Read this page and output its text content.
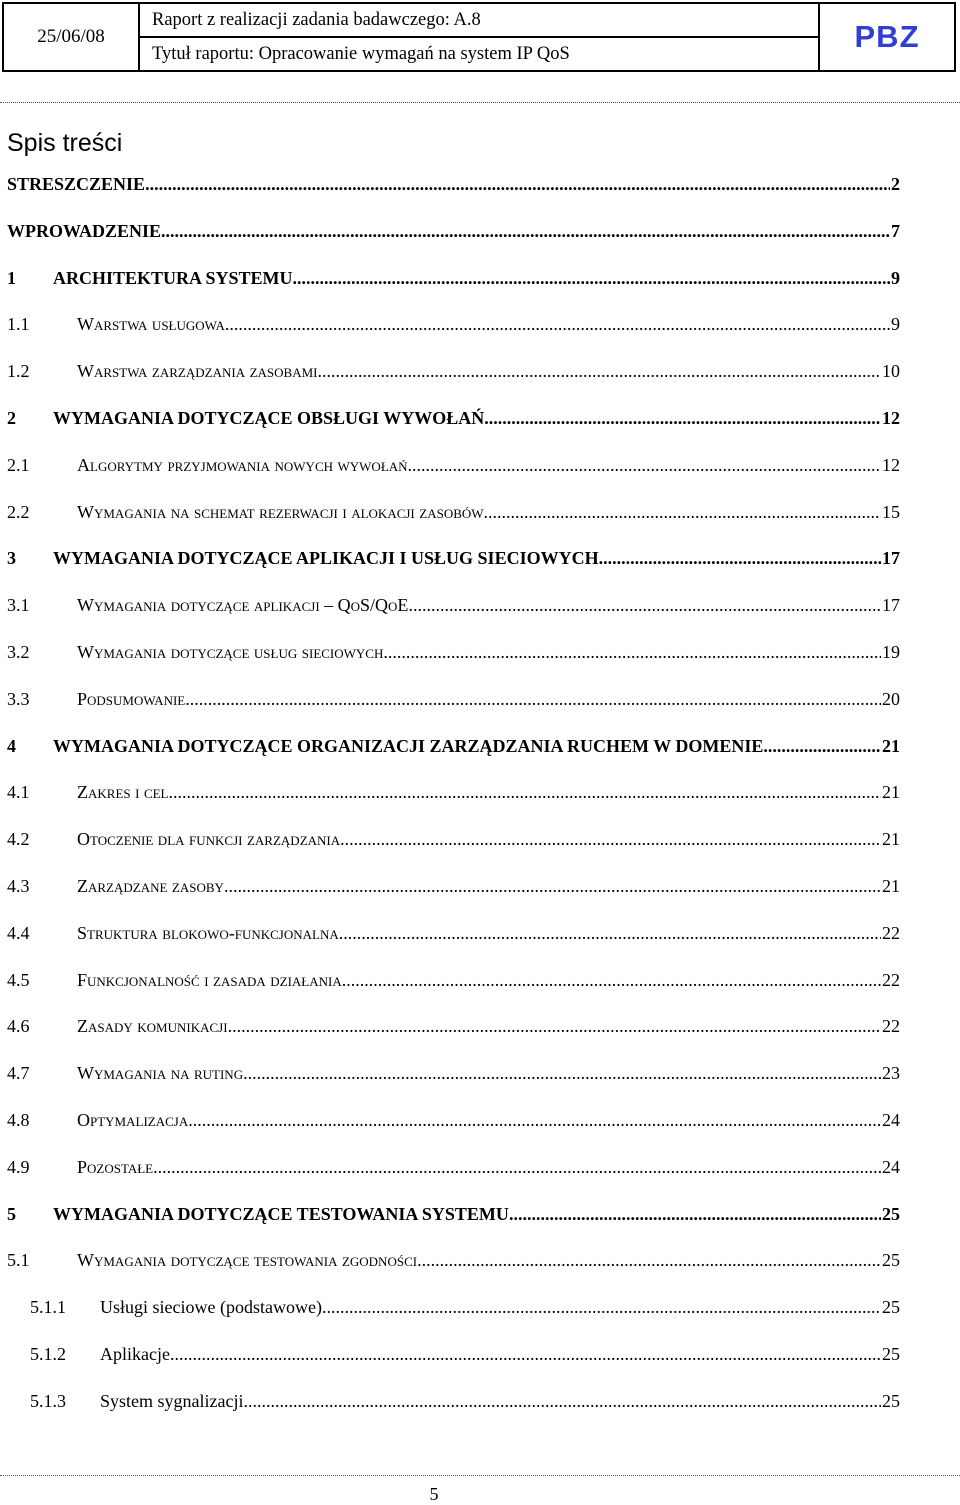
25/06/08	Raport z realizacji zadania badawczego: A.8	PBZ
Tytuł raportu: Opracowanie wymagań na system IP QoS
Spis treści
STRESZCZENIE .....	2
WPROWADZENIE .....	7
1	ARCHITEKTURA SYSTEMU .....	9
1.1	Warstwa usługowa .....	9
1.2	Warstwa zarządzania zasobami .....	10
2	WYMAGANIA DOTYCZĄCE OBSŁUGI WYWOŁAŃ .....	12
2.1	Algorytmy przyjmowania nowych wywołań .....	12
2.2	Wymagania na schemat rezerwacji i alokacji zasobów .....	15
3	WYMAGANIA DOTYCZĄCE APLIKACJI I USŁUG SIECIOWYCH .....	17
3.1	Wymagania dotyczące aplikacji – QoS/QoE .....	17
3.2	Wymagania dotyczące usług sieciowych .....	19
3.3	Podsumowanie .....	20
4	WYMAGANIA DOTYCZĄCE ORGANIZACJI ZARZĄDZANIA RUCHEM W DOMENIE .....	21
4.1	Zakres i cel .....	21
4.2	Otoczenie dla funkcji zarządzania .....	21
4.3	Zarządzane zasoby .....	21
4.4	Struktura blokowo-funkcjonalna .....	22
4.5	Funkcjonalność i zasada działania .....	22
4.6	Zasady komunikacji .....	22
4.7	Wymagania na ruting .....	23
4.8	Optymalizacja .....	24
4.9	Pozostałe .....	24
5	WYMAGANIA DOTYCZĄCE TESTOWANIA SYSTEMU .....	25
5.1	Wymagania dotyczące testowania zgodności .....	25
5.1.1	Usługi sieciowe (podstawowe) .....	25
5.1.2	Aplikacje .....	25
5.1.3	System sygnalizacji .....	25
5
